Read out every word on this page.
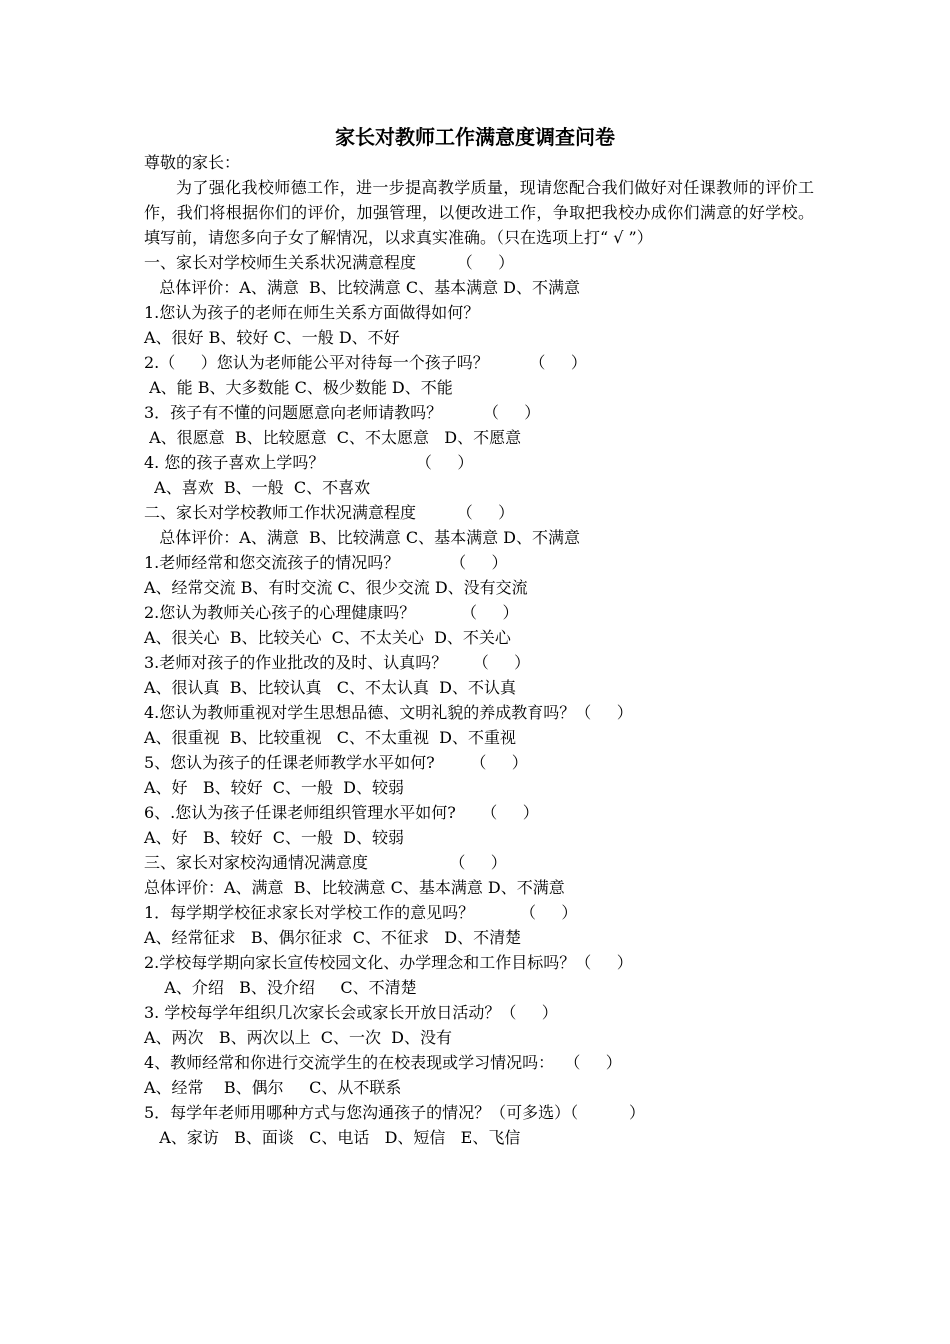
家长对教师工作满意度调查问卷
尊敬的家长：
为了强化我校师德工作，进一步提高教学质量，现请您配合我们做好对任课教师的评价工作，我们将根据你们的评价，加强管理，以便改进工作，争取把我校办成你们满意的好学校。填写前，请您多向子女了解情况，以求真实准确。（只在选项上打“ √ ”）
一、家长对学校师生关系状况满意程度        （     ）
总体评价：A、满意  B、比较满意 C、基本满意 D、不满意
1.您认为孩子的老师在师生关系方面做得如何？
A、很好 B、较好 C、一般 D、不好
2.（     ）您认为老师能公平对待每一个孩子吗？        （     ）
A、能 B、大多数能 C、极少数能 D、不能
3．孩子有不懂的问题愿意向老师请教吗？        （     ）
A、很愿意  B、比较愿意  C、不太愿意   D、不愿意
4. 您的孩子喜欢上学吗？                  （     ）
A、喜欢  B、一般  C、不喜欢
二、家长对学校教师工作状况满意程度        （     ）
总体评价：A、满意  B、比较满意 C、基本满意 D、不满意
1.老师经常和您交流孩子的情况吗？          （     ）
A、经常交流 B、有时交流 C、很少交流 D、没有交流
2.您认为教师关心孩子的心理健康吗？         （     ）
A、很关心  B、比较关心  C、不太关心  D、不关心
3.老师对孩子的作业批改的及时、认真吗？     （     ）
A、很认真  B、比较认真   C、不太认真  D、不认真
4.您认为教师重视对学生思想品德、文明礼貌的养成教育吗？（     ）
A、很重视  B、比较重视   C、不太重视  D、不重视
5、您认为孩子的任课老师教学水平如何?       （     ）
A、好   B、较好  C、一般  D、较弱
6、.您认为孩子任课老师组织管理水平如何?     （     ）
A、好   B、较好  C、一般  D、较弱
三、家长对家校沟通情况满意度                （     ）
总体评价：A、满意  B、比较满意 C、基本满意 D、不满意
1．每学期学校征求家长对学校工作的意见吗？         （     ）
A、经常征求   B、偶尔征求  C、不征求   D、不清楚
2.学校每学期向家长宣传校园文化、办学理念和工作目标吗？（     ）
A、介绍   B、没介绍     C、不清楚
3. 学校每学年组织几次家长会或家长开放日活动？（     ）
A、两次   B、两次以上  C、一次  D、没有
4、教师经常和你进行交流学生的在校表现或学习情况吗：  （     ）
A、经常    B、偶尔     C、从不联系
5．每学年老师用哪种方式与您沟通孩子的情况？（可多选）（          ）
A、家访   B、面谈   C、电话   D、短信   E、飞信
